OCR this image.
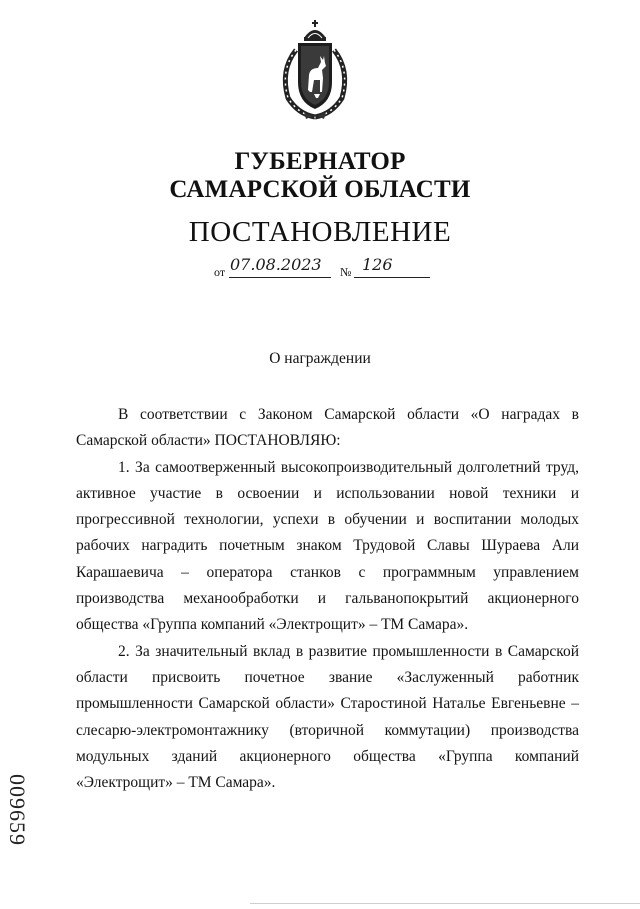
ГУБЕРНАТОР
САМАРСКОЙ ОБЛАСТИ
ПОСТАНОВЛЕНИЕ
от 07.08.2023 № 126
О награждении

В соответствии с Законом Самарской области «О наградах в Самарской области» ПОСТАНОВЛЯЮ:

1. За самоотверженный высокопроизводительный долголетний труд, активное участие в освоении и использовании новой техники и прогрессивной технологии, успехи в обучении и воспитании молодых рабочих наградить почетным знаком Трудовой Славы Шураева Али Карашаевича – оператора станков с программным управлением производства механообработки и гальванопокрытий акционерного общества «Группа компаний «Электрощит» – ТМ Самара».

2. За значительный вклад в развитие промышленности в Самарской области присвоить почетное звание «Заслуженный работник промышленности Самарской области» Старостиной Наталье Евгеньевне – слесарю-электромонтажнику (вторичной коммутации) производства модульных зданий акционерного общества «Группа компаний «Электрощит» – ТМ Самара».

009659
